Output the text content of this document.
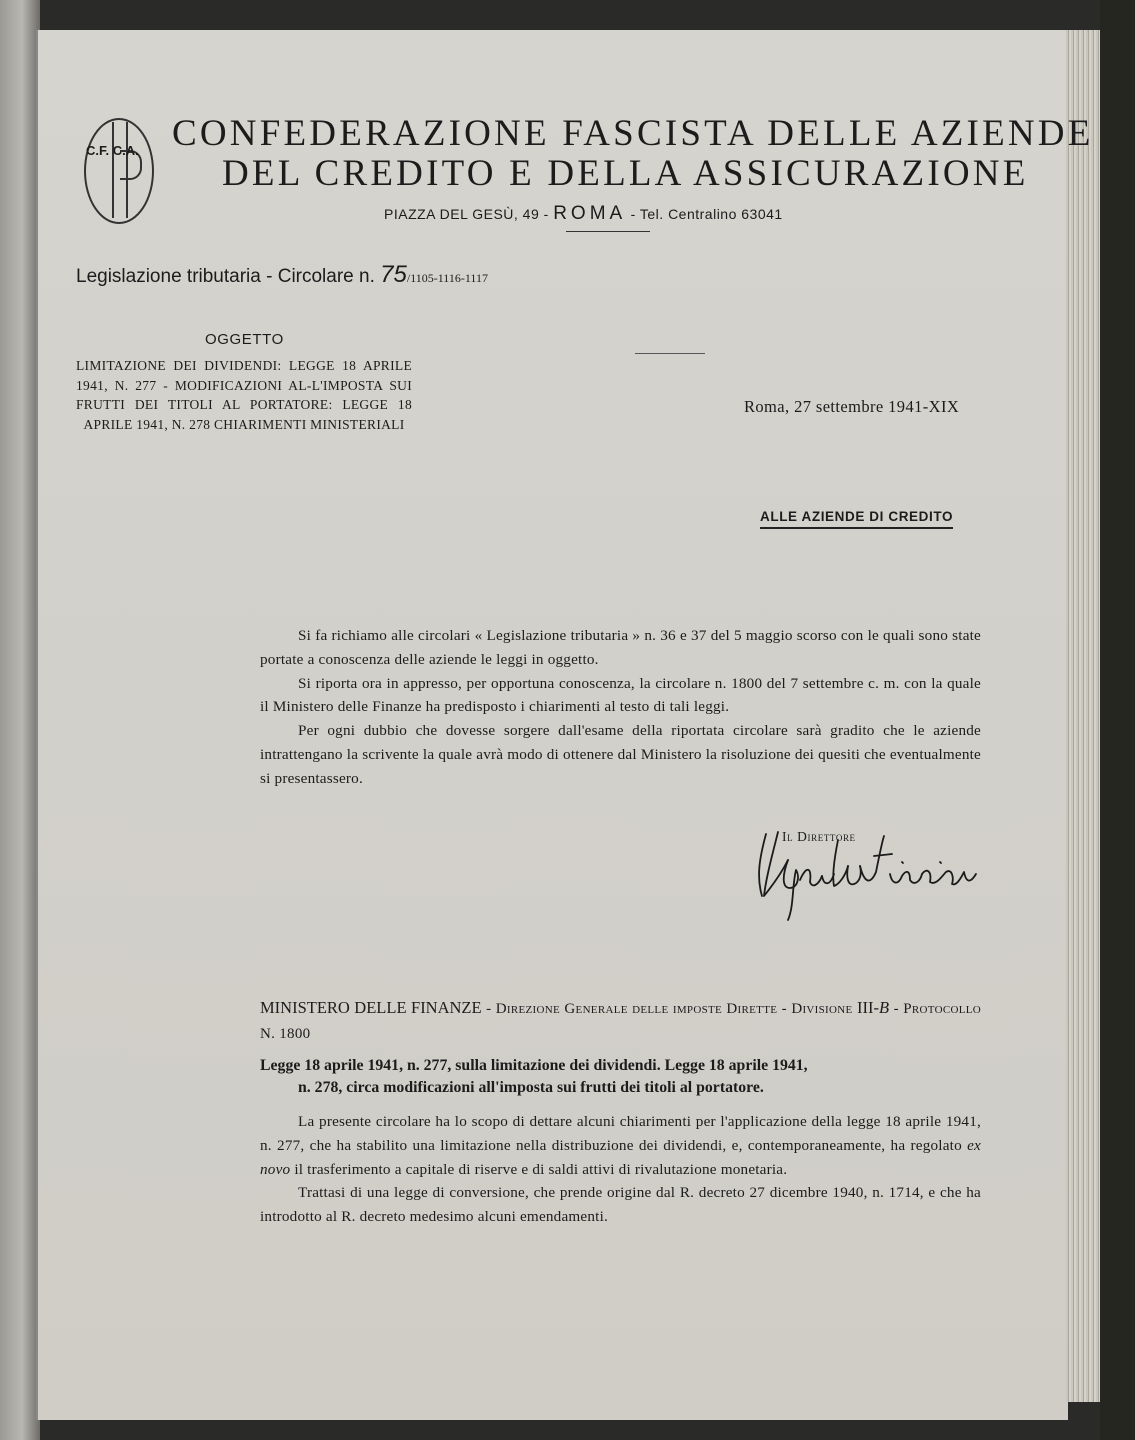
C.F. C.A. CONFEDERAZIONE FASCISTA DELLE AZIENDE
DEL CREDITO E DELLA ASSICURAZIONE
PIAZZA DEL GESÙ, 49 - ROMA - Tel. Centralino 63041
Legislazione tributaria - Circolare n. 75/1105-1116-1117
OGGETTO
LIMITAZIONE DEI DIVIDENDI: LEGGE 18 APRILE 1941, N. 277 - MODIFICAZIONI AL-L'IMPOSTA SUI FRUTTI DEI TITOLI AL PORTATORE: LEGGE 18 APRILE 1941, N. 278 CHIARIMENTI MINISTERIALI
Roma, 27 settembre 1941-XIX
ALLE AZIENDE DI CREDITO

Si fa richiamo alle circolari « Legislazione tributaria » n. 36 e 37 del 5 maggio scorso con le quali sono state portate a conoscenza delle aziende le leggi in oggetto.

Si riporta ora in appresso, per opportuna conoscenza, la circolare n. 1800 del 7 settembre c. m. con la quale il Ministero delle Finanze ha predisposto i chiarimenti al testo di tali leggi.

Per ogni dubbio che dovesse sorgere dall'esame della riportata circolare sarà gradito che le aziende intrattengano la scrivente la quale avrà modo di ottenere dal Ministero la risoluzione dei quesiti che eventualmente si presentassero.

Il Direttore
MINISTERO DELLE FINANZE - Direzione Generale delle imposte Dirette - Divisione III-B - Protocollo N. 1800
Legge 18 aprile 1941, n. 277, sulla limitazione dei dividendi. Legge 18 aprile 1941,
n. 278, circa modificazioni all'imposta sui frutti dei titoli al portatore.

La presente circolare ha lo scopo di dettare alcuni chiarimenti per l'applicazione della legge 18 aprile 1941, n. 277, che ha stabilito una limitazione nella distribuzione dei dividendi, e, contemporaneamente, ha regolato ex novo il trasferimento a capitale di riserve e di saldi attivi di rivalutazione monetaria.

Trattasi di una legge di conversione, che prende origine dal R. decreto 27 dicembre 1940, n. 1714, e che ha introdotto al R. decreto medesimo alcuni emendamenti.
